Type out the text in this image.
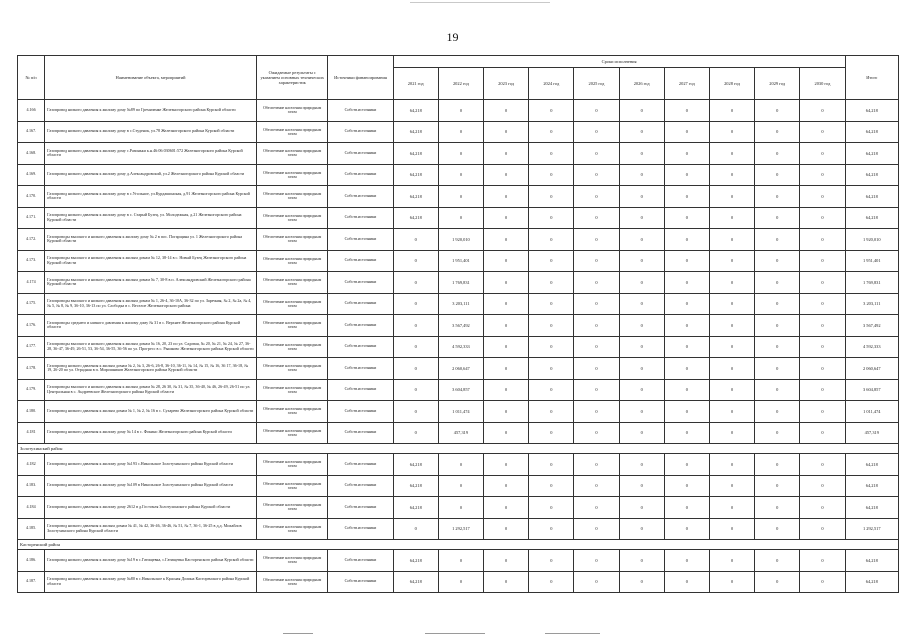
19
№ п/п	Наименование объекта, мероприятий	Ожидаемые результаты с указанием основных технических характеристик	Источники финансирования	Сроки исполнения										Итого
				2021 год	2022 год	2023 год	2024 год	2025 год	2026 год	2027 год	2028 год	2029 год	2030 год	
4.166	Газопровод низкого давления к жилому дому №89 по Гремяченке Железногорского района Курской области	Обеспечение населения природным газом	Собств.источники	64,218	0	0	0	0	0	0	0	0	0	64,218
4.167.	Газопровод низкого давления к жилому дому в с.Студенок, ул.78 Железногорского района Курской области	Обеспечение населения природным газом	Собств.источники	64,218	0	0	0	0	0	0	0	0	0	64,218
4.168.	Газопровод низкого давления к жилому дому с.Разиньки к.н.46:06:030601:572 Железногорского района Курской области	Обеспечение населения природным газом	Собств.источники	64,218	0	0	0	0	0	0	0	0	0	64,218
4.169.	Газопровод низкого давления к жилому дому д.Александровский, ул.2 Железногорского района Курской области	Обеспечение населения природным газом	Собств.источники	64,218	0	0	0	0	0	0	0	0	0	64,218
4.170.	Газопровод низкого давления к жилому дому в с.Угольное, ул.Курдашинская, д.91 Железногорского района Курской области	Обеспечение населения природным газом	Собств.источники	64,218	0	0	0	0	0	0	0	0	0	64,218
4.171.	Газопровод низкого давления к жилому дому в с. Старый Бузец, ул. Молодежная, д.21 Железногорского района Курской области	Обеспечение населения природным газом	Собств.источники	64,218	0	0	0	0	0	0	0	0	0	64,218
4.172.	Газопроводы высокого и низкого давления к жилому дому № 2 в пос. Погарщина ул. 1 Железногорского района Курской области	Обеспечение населения природным газом	Собств.источники	0	1 920,010	0	0	0	0	0	0	0	0	1 920,010
4.173.	Газопроводы высокого и низкого давления к жилым домам № 12, 38-14 в с. Новый Бузец Железногорского района Курской области	Обеспечение населения природным газом	Собств.источники	0	1 951,401	0	0	0	0	0	0	0	0	1 951,401
4.174	Газопроводы высокого и низкого давления к жилым домам № 7, 30-8 в п. Александровский Железногорского района Курской области	Обеспечение населения природным газом	Собств.источники	0	1 769,831	0	0	0	0	0	0	0	0	1 769,831
4.175.	Газопроводы высокого и низкого давления к жилым домам № 1, 26-4, 36-10А, 36-32 по ул. Заречная, № 2, № 2а, № 4, № 5, № 8, № 9, 36-10, 36-13 по ул. Слободка в с. Веселое Железногорского района	Обеспечение населения природным газом	Собств.источники	0	3 203,111	0	0	0	0	0	0	0	0	3 203,111
4.176.	Газопроводы среднего и низкого давления к жилому дому № 31 в с. Верхнее Железногорского района Курской области	Обеспечение населения природным газом	Собств.источники	0	3 567,492	0	0	0	0	0	0	0	0	3 567,492
4.177.	Газопроводы высокого и низкого давления к жилым домам № 16, 20, 23 по ул. Садовая, № 20, № 21, № 24, № 27, 36-28, 36-47, 36-49, 26-51, 53, 36-54, 36-55, 36-56 по ул. Прогресс в с. Рышково Железногорского района Курской области	Обеспечение населения природным газом	Собств.источники	0	4 592,333	0	0	0	0	0	0	0	0	4 592,333
4.178.	Газопровод низкого давления к жилым домам № 2, № 3, 26-6, 26-8, 36-10, 36-11, № 14, № 15, № 16, 36 17, 36-18, № 19, 26-20 по ул. Отрадная в п. Мирошников Железногорского района Курской области	Обеспечение населения природным газом	Собств.источники	0	2 060,647	0	0	0	0	0	0	0	0	2 060,647
4.179.	Газопроводы высокого и низкого давления к жилым домам № 28, 26 30, № 31, № 35, 36-40, № 46, 26-49, 26-51 по ул. Центральная в с. Андреевское Железногорского района Курской области	Обеспечение населения природным газом	Собств.источники	0	3 604,857	0	0	0	0	0	0	0	0	3 604,857
4.180.	Газопровод низкого давления к жилым домам № 1, № 2, № 16 в с. Сухарево Железногорского района Курской области	Обеспечение населения природным газом	Собств.источники	0	1 011,474	0	0	0	0	0	0	0	0	1 011,474
4.181	Газопровод низкого давления к жилому дому № 14 в с. Фокино Железногорского района Курской области	Обеспечение населения природным газом	Собств.источники	0	457,319	0	0	0	0	0	0	0	0	457,319
Золотухинский район														
4.182	Газопровод низкого давления к жилому дому №193 с.Никольское Золотухинского района Курской области	Обеспечение населения природным газом	Собств.источники	64,218	0	0	0	0	0	0	0	0	0	64,218
4.183.	Газопровод низкого давления к жилому дому №109 в Никольское Золотухинского района Курской области	Обеспечение населения природным газом	Собств.источники	64,218	0	0	0	0	0	0	0	0	0	64,218
4.184	Газопровод низкого давления к жилому дому 2612 в д.Гостомля Золотухинского района Курской области	Обеспечение населения природным газом	Собств.источники	64,218	0	0	0	0	0	0	0	0	0	64,218
4.185.	Газопровод низкого давления к жилым домам № 41, № 42, 36-46, 36-46, № 51, № 7, 36-1, 36-25 в д.д. Михайлов Золотухинского района Курской области	Обеспечение населения природным газом	Собств.источники	0	1 292,517	0	0	0	0	0	0	0	0	1 292,517
Касторенский район														
4.186.	Газопровод низкого давления к жилому дому №19 в с.Гатищевка, с.Гатищевка Касторенского района Курской области	Обеспечение населения природным газом	Собств.источники	64,218	0	0	0	0	0	0	0	0	0	64,218
4.187.	Газопровод низкого давления к жилому дому №80 в с.Никольское к Красная Долина Касторенского района Курской области	Обеспечение населения природным газом	Собств.источники	64,218	0	0	0	0	0	0	0	0	0	64,218
